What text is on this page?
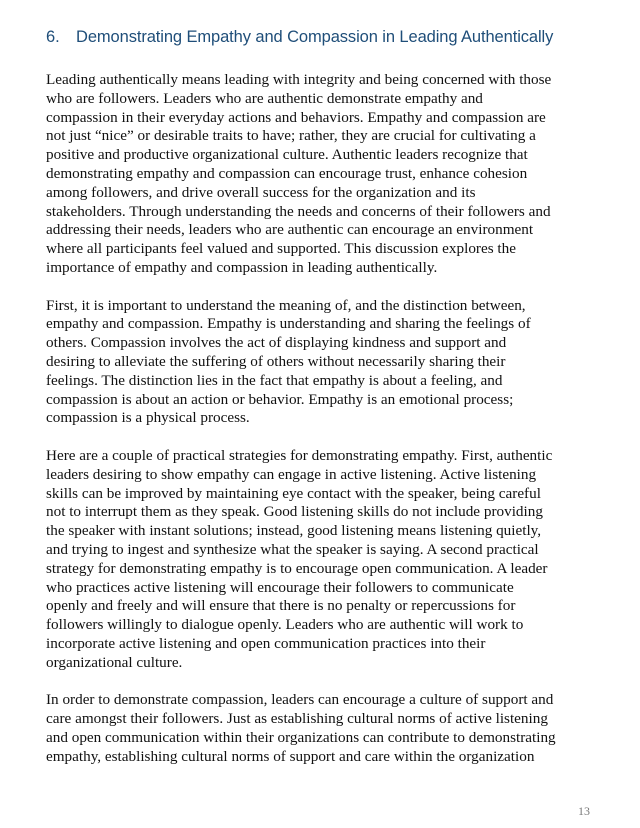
6. Demonstrating Empathy and Compassion in Leading Authentically

Leading authentically means leading with integrity and being concerned with those
who are followers. Leaders who are authentic demonstrate empathy and
compassion in their everyday actions and behaviors. Empathy and compassion are
not just “nice” or desirable traits to have; rather, they are crucial for cultivating a
positive and productive organizational culture. Authentic leaders recognize that
demonstrating empathy and compassion can encourage trust, enhance cohesion
among followers, and drive overall success for the organization and its
stakeholders. Through understanding the needs and concerns of their followers and
addressing their needs, leaders who are authentic can encourage an environment
where all participants feel valued and supported. This discussion explores the
importance of empathy and compassion in leading authentically.

First, it is important to understand the meaning of, and the distinction between,
empathy and compassion. Empathy is understanding and sharing the feelings of
others. Compassion involves the act of displaying kindness and support and
desiring to alleviate the suffering of others without necessarily sharing their
feelings. The distinction lies in the fact that empathy is about a feeling, and
compassion is about an action or behavior. Empathy is an emotional process;
compassion is a physical process.

Here are a couple of practical strategies for demonstrating empathy. First, authentic
leaders desiring to show empathy can engage in active listening. Active listening
skills can be improved by maintaining eye contact with the speaker, being careful
not to interrupt them as they speak. Good listening skills do not include providing
the speaker with instant solutions; instead, good listening means listening quietly,
and trying to ingest and synthesize what the speaker is saying. A second practical
strategy for demonstrating empathy is to encourage open communication. A leader
who practices active listening will encourage their followers to communicate
openly and freely and will ensure that there is no penalty or repercussions for
followers willingly to dialogue openly. Leaders who are authentic will work to
incorporate active listening and open communication practices into their
organizational culture.

In order to demonstrate compassion, leaders can encourage a culture of support and
care amongst their followers. Just as establishing cultural norms of active listening
and open communication within their organizations can contribute to demonstrating
empathy, establishing cultural norms of support and care within the organization

13
